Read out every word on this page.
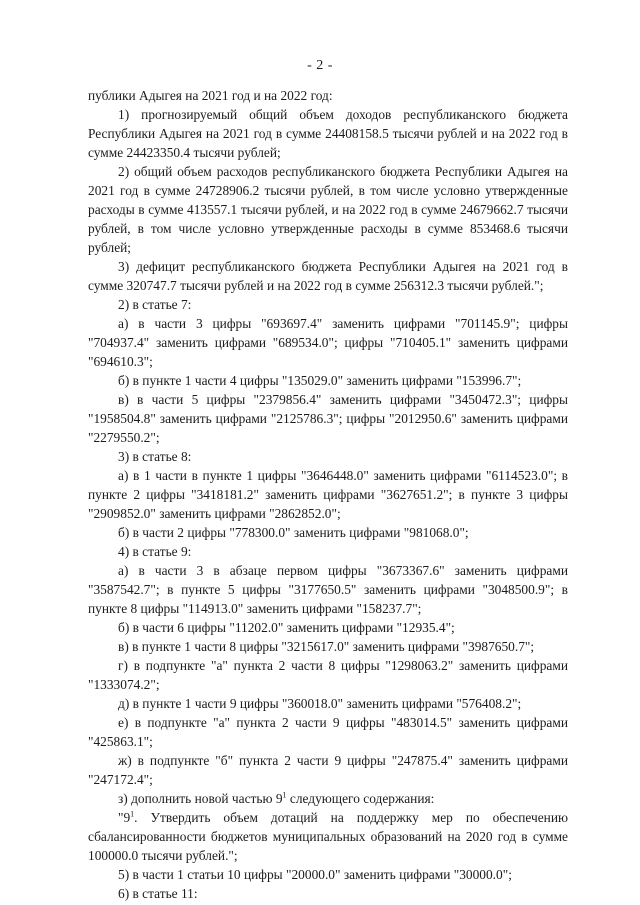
- 2 -

публики Адыгея на 2021 год и на 2022 год:

1) прогнозируемый общий объем доходов республиканского бюджета Республики Адыгея на 2021 год в сумме 24408158.5 тысячи рублей и на 2022 год в сумме 24423350.4 тысячи рублей;

2) общий объем расходов республиканского бюджета Республики Адыгея на 2021 год в сумме 24728906.2 тысячи рублей, в том числе условно утвержденные расходы в сумме 413557.1 тысячи рублей, и на 2022 год в сумме 24679662.7 тысячи рублей, в том числе условно утвержденные расходы в сумме 853468.6 тысячи рублей;

3) дефицит республиканского бюджета Республики Адыгея на 2021 год в сумме 320747.7 тысячи рублей и на 2022 год в сумме 256312.3 тысячи рублей.";

2) в статье 7:

а) в части 3 цифры "693697.4" заменить цифрами "701145.9"; цифры "704937.4" заменить цифрами "689534.0"; цифры "710405.1" заменить цифрами "694610.3";

б) в пункте 1 части 4 цифры "135029.0" заменить цифрами "153996.7";

в) в части 5 цифры "2379856.4" заменить цифрами "3450472.3"; цифры "1958504.8" заменить цифрами "2125786.3"; цифры "2012950.6" заменить цифрами "2279550.2";

3) в статье 8:

а) в 1 части в пункте 1 цифры "3646448.0" заменить цифрами "6114523.0"; в пункте 2 цифры "3418181.2" заменить цифрами "3627651.2"; в пункте 3 цифры "2909852.0" заменить цифрами "2862852.0";

б) в части 2 цифры "778300.0" заменить цифрами "981068.0";

4) в статье 9:

а) в части 3 в абзаце первом цифры "3673367.6" заменить цифрами "3587542.7"; в пункте 5 цифры "3177650.5" заменить цифрами "3048500.9"; в пункте 8 цифры "114913.0" заменить цифрами "158237.7";

б) в части 6 цифры "11202.0" заменить цифрами "12935.4";

в) в пункте 1 части 8 цифры "3215617.0" заменить цифрами "3987650.7";

г) в подпункте "а" пункта 2 части 8 цифры "1298063.2" заменить цифрами "1333074.2";

д) в пункте 1 части 9 цифры "360018.0" заменить цифрами "576408.2";

е) в подпункте "а" пункта 2 части 9 цифры "483014.5" заменить цифрами "425863.1";

ж) в подпункте "б" пункта 2 части 9 цифры "247875.4" заменить цифрами "247172.4";

з) дополнить новой частью $9^1$ следующего содержания:

"$9^1$. Утвердить объем дотаций на поддержку мер по обеспечению сбалансированности бюджетов муниципальных образований на 2020 год в сумме 100000.0 тысячи рублей.";

5) в части 1 статьи 10 цифры "20000.0" заменить цифрами "30000.0";

6) в статье 11:
